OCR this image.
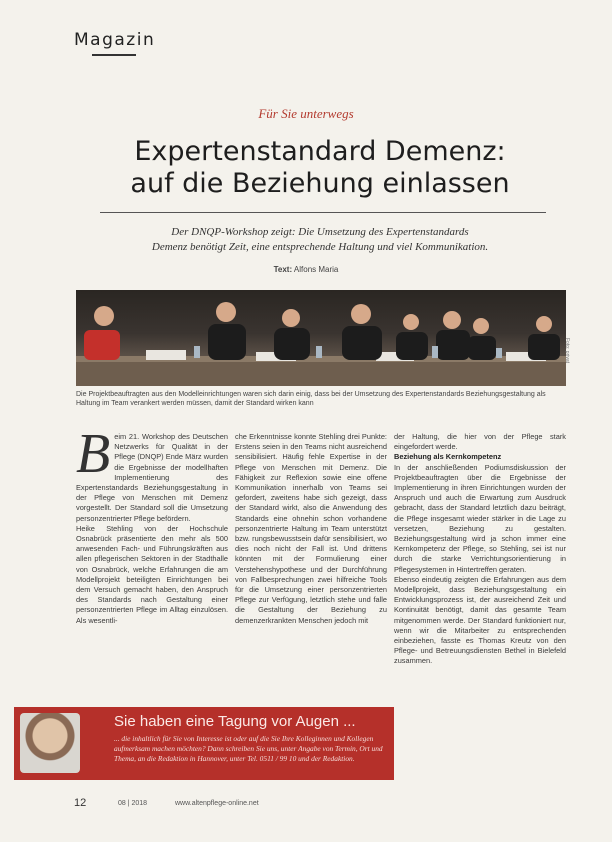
Magazin
Für Sie unterwegs
Expertenstandard Demenz:
auf die Beziehung einlassen
Der DNQP-Workshop zeigt: Die Umsetzung des Expertenstandards
Demenz benötigt Zeit, eine entsprechende Haltung und viel Kommunikation.
Text: Alfons Maria
Foto: privat
Die Projektbeauftragten aus den Modelleinrichtungen waren sich darin einig, dass bei der Umsetzung des Expertenstandards Beziehungsgestaltung als Haltung im Team verankert werden müssen, damit der Standard wirken kann
B eim 21. Workshop des Deutschen Netzwerks für Qualität in der Pflege (DNQP) Ende März wurden die Ergebnisse der modellhaften Implementierung des Expertenstandards Beziehungsgestaltung in der Pflege von Menschen mit Demenz vorgestellt. Der Standard soll die Umsetzung personzentrierter Pflege befördern.

Heike Stehling von der Hochschule Osnabrück präsentierte den mehr als 500 anwesenden Fach- und Führungskräften aus allen pflegerischen Sektoren in der Stadthalle von Osnabrück, welche Erfahrungen die am Modellprojekt beteiligten Einrichtungen bei dem Versuch gemacht haben, den Anspruch des Standards nach Gestaltung einer personzentrierten Pflege im Alltag einzulösen. Als wesentli-

che Erkenntnisse konnte Stehling drei Punkte: Erstens seien in den Teams nicht ausreichend sensibilisiert. Häufig fehle Expertise in der Pflege von Menschen mit Demenz. Die Fähigkeit zur Reflexion sowie eine offene Kommunikation innerhalb von Teams sei gefordert, zweitens habe sich gezeigt, dass der Standard wirkt, also die Anwendung des Standards eine ohnehin schon vorhandene personzentrierte Haltung im Team unterstützt bzw. rungsbewusstsein dafür sensibilisiert, wo dies noch nicht der Fall ist. Und drittens könnten mit der Formulierung einer Verstehenshypothese und der Durchführung von Fallbesprechungen zwei hilfreiche Tools für die Umsetzung einer personzentrierten Pflege zur Verfügung, letztlich stehe und falle die Gestaltung der Beziehung zu demenzerkrankten Menschen jedoch mit

der Haltung, die hier von der Pflege stark eingefordert werde.

Beziehung als Kernkompetenz

In der anschließenden Podiumsdiskussion der Projektbeauftragten über die Ergebnisse der Implementierung in ihren Einrichtungen wurden der Anspruch und auch die Erwartung zum Ausdruck gebracht, dass der Standard letztlich dazu beiträgt, die Pflege insgesamt wieder stärker in die Lage zu versetzen, Beziehung zu gestalten. Beziehungsgestaltung wird ja schon immer eine Kernkompetenz der Pflege, so Stehling, sei ist nur durch die starke Verrichtungsorientierung in Pflegesystemen in Hintertreffen geraten.

Ebenso eindeutig zeigten die Erfahrungen aus dem Modellprojekt, dass Beziehungsgestaltung ein Entwicklungsprozess ist, der ausreichend Zeit und Kontinuität benötigt, damit das gesamte Team mitgenommen werde. Der Standard funktioniert nur, wenn wir die Mitarbeiter zu entsprechenden einbeziehen, fasste es Thomas Kreutz von den Pflege- und Betreuungsdiensten Bethel in Bielefeld zusammen.

Sie haben eine Tagung vor Augen ...
... die inhaltlich für Sie von Interesse ist oder auf die Sie Ihre Kolleginnen und Kollegen aufmerksam machen möchten? Dann schreiben Sie uns, unter Angabe von Termin, Ort und Thema, an die Redaktion in Hannover, unter Tel. 0511 / 99 10 und der Redaktion.
12	08 | 2018	www.altenpflege-online.net
